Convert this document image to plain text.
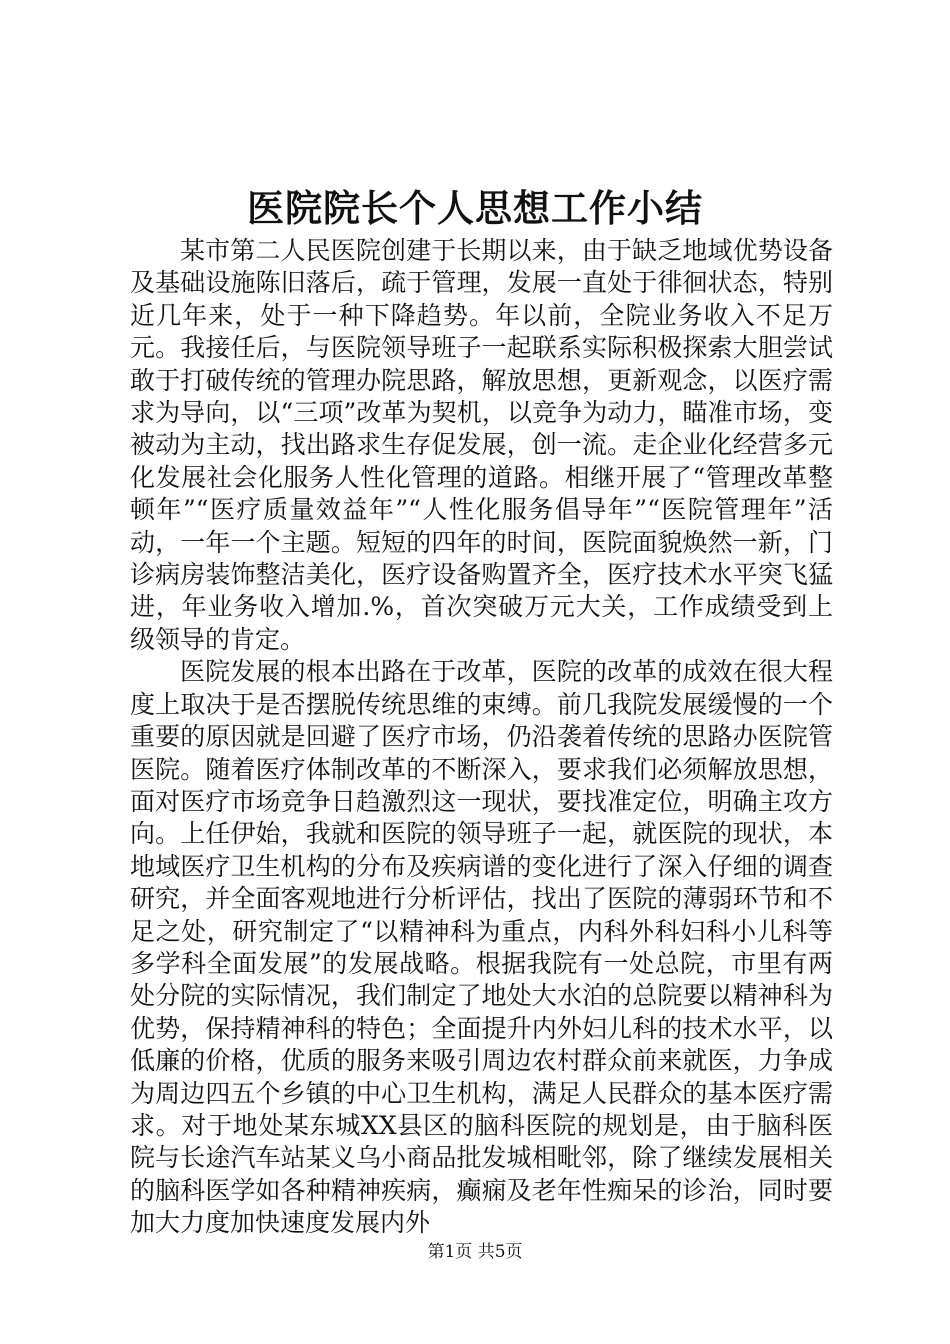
医院院长个人思想工作小结

某市第二人民医院创建于长期以来，由于缺乏地域优势设备及基础设施陈旧落后，疏于管理，发展一直处于徘徊状态，特别近几年来，处于一种下降趋势。年以前，全院业务收入不足万元。我接任后，与医院领导班子一起联系实际积极探索大胆尝试敢于打破传统的管理办院思路，解放思想，更新观念，以医疗需求为导向，以“三项”改革为契机，以竞争为动力，瞄准市场，变被动为主动，找出路求生存促发展，创一流。走企业化经营多元化发展社会化服务人性化管理的道路。相继开展了“管理改革整顿年”“医疗质量效益年”“人性化服务倡导年”“医院管理年”活动，一年一个主题。短短的四年的时间，医院面貌焕然一新，门诊病房装饰整洁美化，医疗设备购置齐全，医疗技术水平突飞猛进，年业务收入增加.%，首次突破万元大关，工作成绩受到上级领导的肯定。

医院发展的根本出路在于改革，医院的改革的成效在很大程度上取决于是否摆脱传统思维的束缚。前几我院发展缓慢的一个重要的原因就是回避了医疗市场，仍沿袭着传统的思路办医院管医院。随着医疗体制改革的不断深入，要求我们必须解放思想，面对医疗市场竞争日趋激烈这一现状，要找准定位，明确主攻方向。上任伊始，我就和医院的领导班子一起，就医院的现状，本地域医疗卫生机构的分布及疾病谱的变化进行了深入仔细的调查研究，并全面客观地进行分析评估，找出了医院的薄弱环节和不足之处，研究制定了“以精神科为重点，内科外科妇科小儿科等多学科全面发展”的发展战略。根据我院有一处总院，市里有两处分院的实际情况，我们制定了地处大水泊的总院要以精神科为优势，保持精神科的特色；全面提升内外妇儿科的技术水平，以低廉的价格，优质的服务来吸引周边农村群众前来就医，力争成为周边四五个乡镇的中心卫生机构，满足人民群众的基本医疗需求。对于地处某东城XX县区的脑科医院的规划是，由于脑科医院与长途汽车站某义乌小商品批发城相毗邻，除了继续发展相关的脑科医学如各种精神疾病，癫痫及老年性痴呆的诊治，同时要加大力度加快速度发展内外

第1页 共5页
